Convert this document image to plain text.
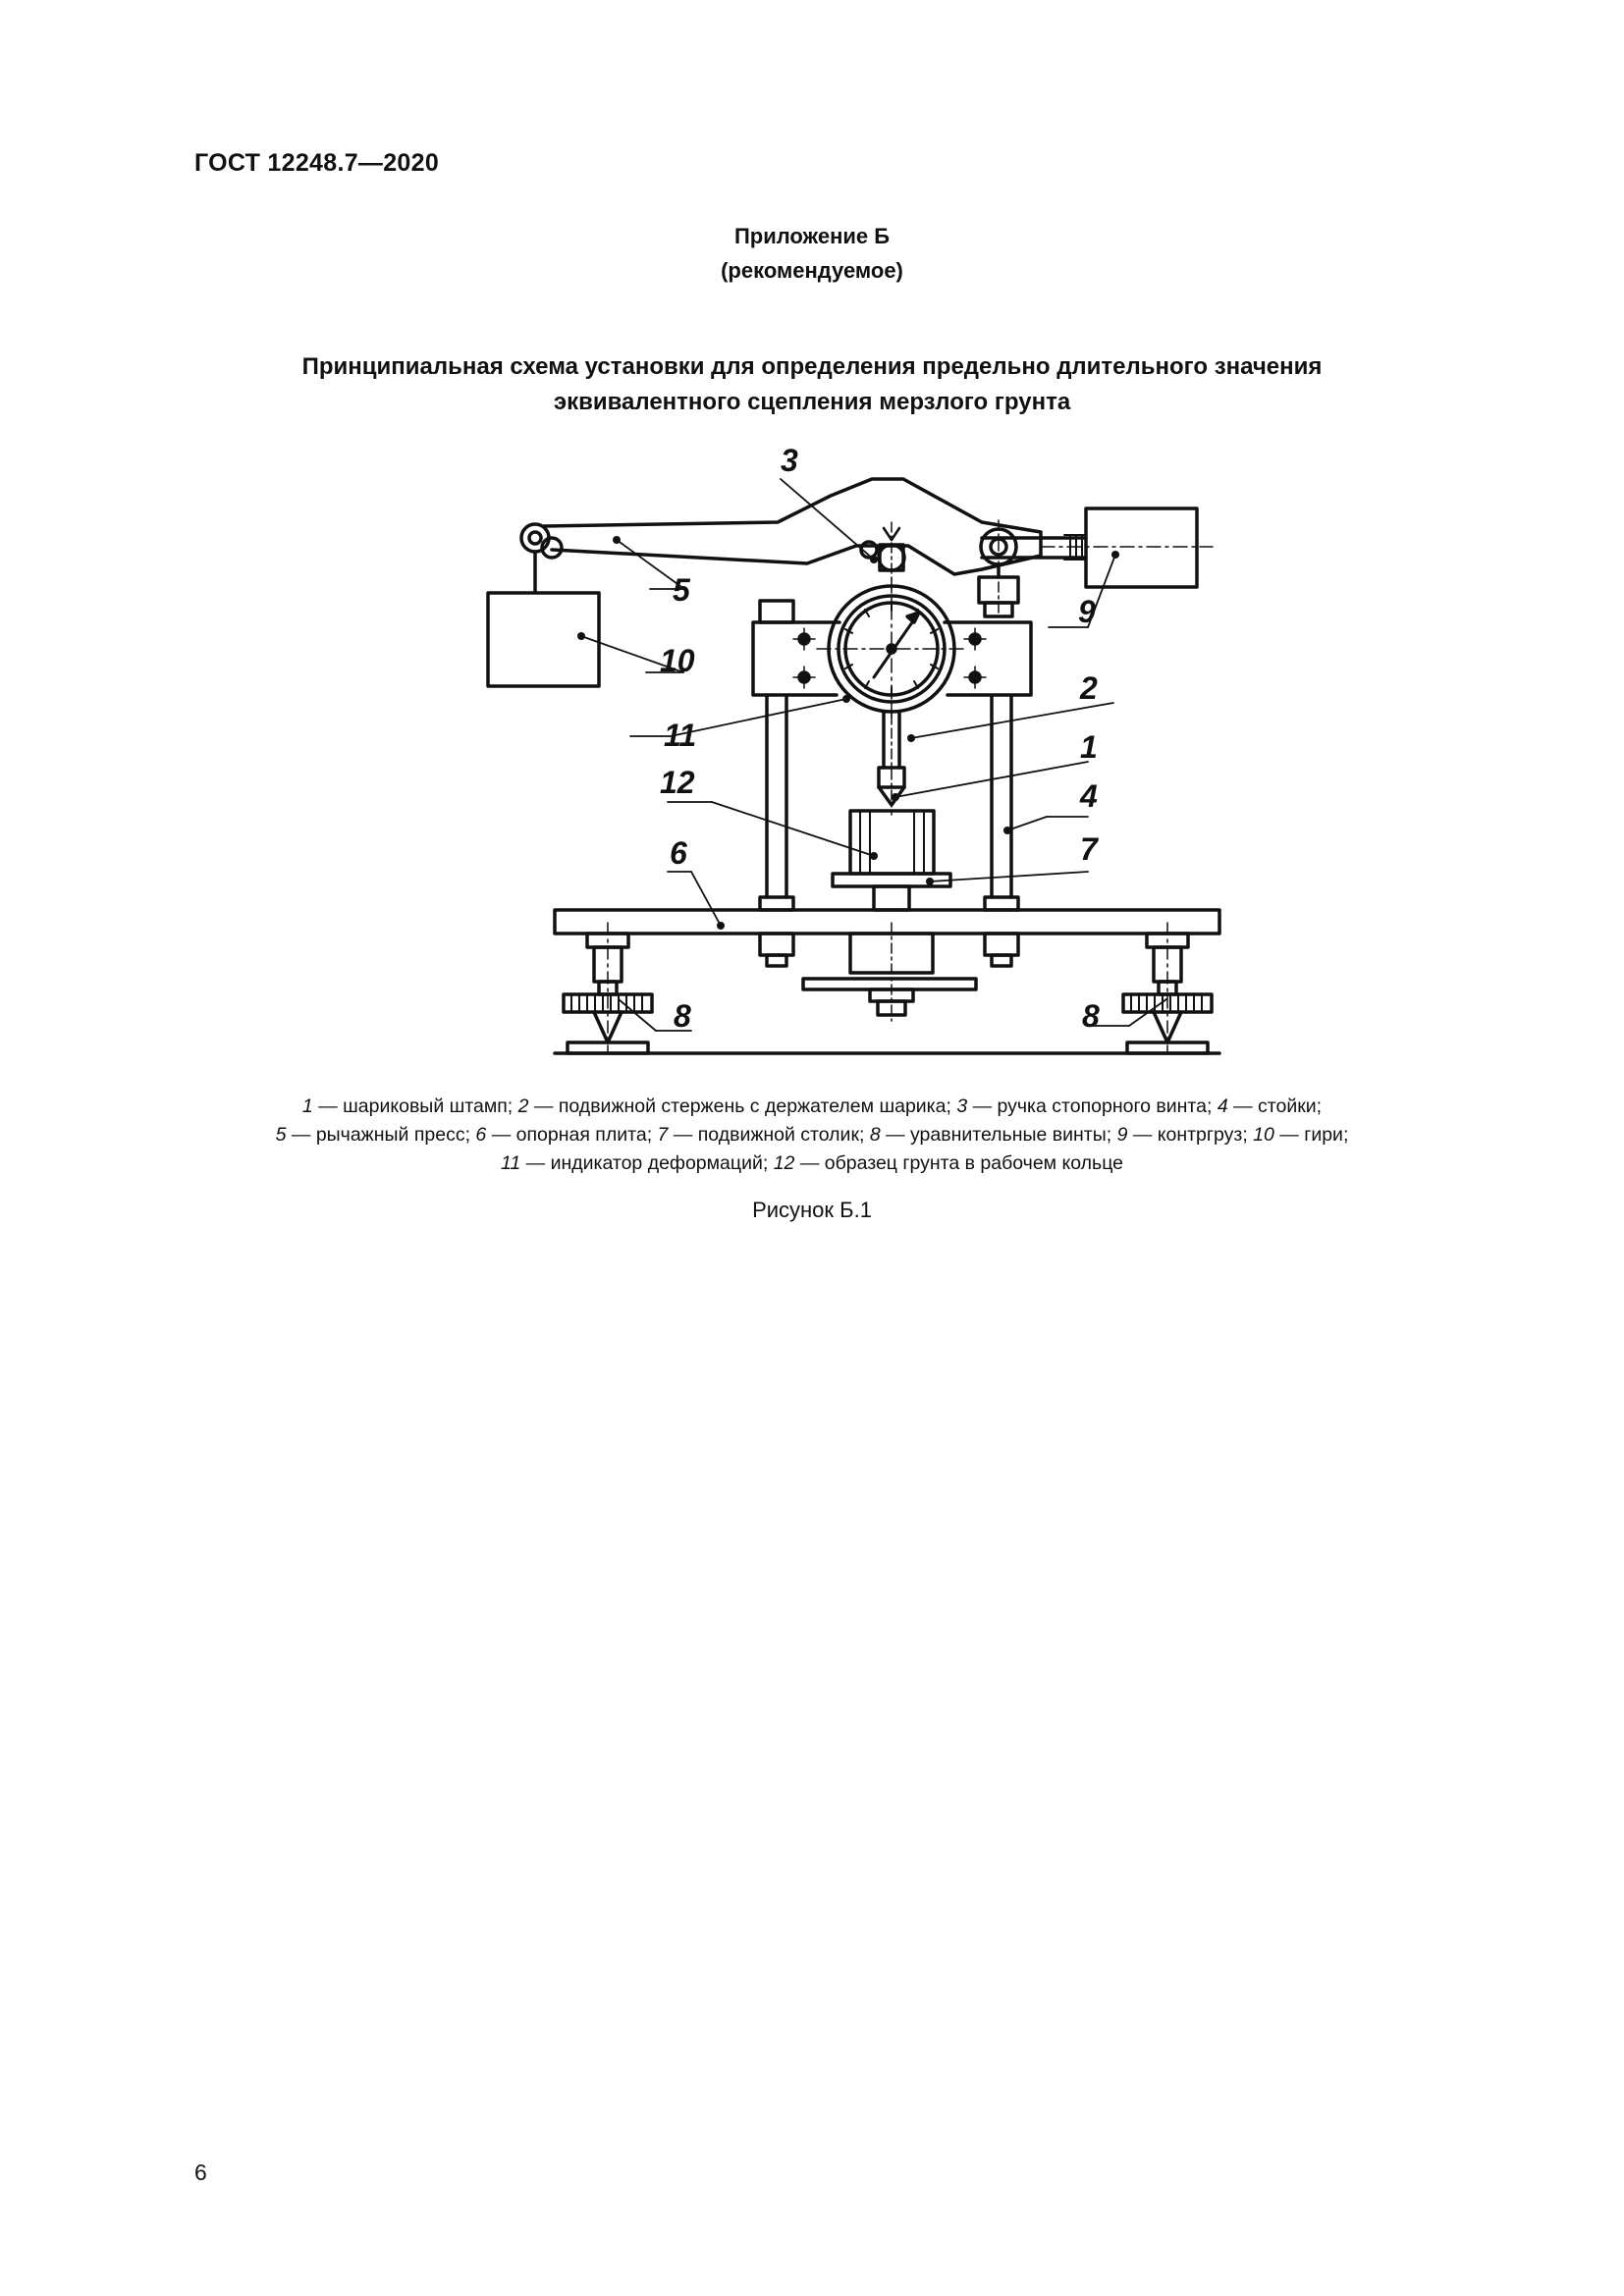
ГОСТ 12248.7—2020
Приложение Б
(рекомендуемое)
Принципиальная схема установки для определения предельно длительного значения
эквивалентного сцепления мерзлого грунта
3
5
9
10
2
11	1
4
12
7
6
8	8
1 — шариковый штамп; 2 — подвижной стержень с держателем шарика; 3 — ручка стопорного винта; 4 — стойки;
5 — рычажный пресс; 6 — опорная плита; 7 — подвижной столик; 8 — уравнительные винты; 9 — контргруз; 10 — гири;
11 — индикатор деформаций; 12 — образец грунта в рабочем кольце
Рисунок Б.1
6
